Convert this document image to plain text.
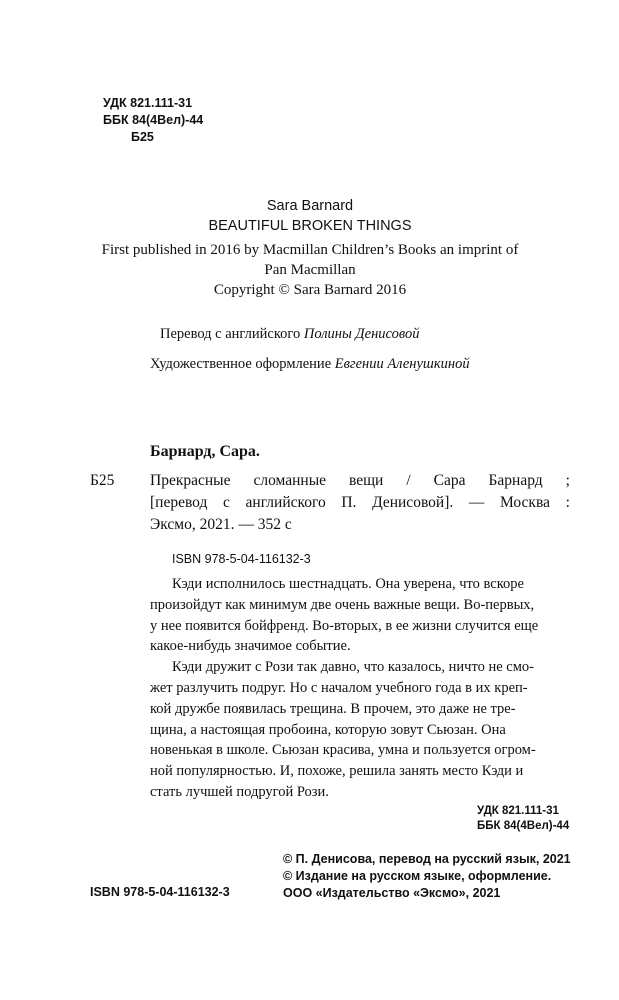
УДК 821.111-31
ББК 84(4Вел)-44
Б25
Sara Barnard
BEAUTIFUL BROKEN THINGS
First published in 2016 by Macmillan Children’s Books an imprint of
Pan Macmillan
Copyright © Sara Barnard 2016
Перевод с английского Полины Денисовой
Художественное оформление Евгении Аленушкиной
Барнард, Сара.
Б25 Прекрасные сломанные вещи / Сара Барнард ;
[перевод с английского П. Денисовой]. — Москва :
Эксмо, 2021. — 352 с
ISBN 978-5-04-116132-3

Кэди исполнилось шестнадцать. Она уверена, что вскоре
произойдут как минимум две очень важные вещи. Во-первых,
у нее появится бойфренд. Во-вторых, в ее жизни случится еще
какое-нибудь значимое событие.

Кэди дружит с Рози так давно, что казалось, ничто не смо-
жет разлучить подруг. Но с началом учебного года в их креп-
кой дружбе появилась трещина. В прочем, это даже не тре-
щина, а настоящая пробоина, которую зовут Сьюзан. Она
новенькая в школе. Сьюзан красива, умна и пользуется огром-
ной популярностью. И, похоже, решила занять место Кэди и
стать лучшей подругой Рози.

УДК 821.111-31
ББК 84(4Вел)-44
© П. Денисова, перевод на русский язык, 2021
© Издание на русском языке, оформление.
ООО «Издательство «Эксмо», 2021
ISBN 978-5-04-116132-3
